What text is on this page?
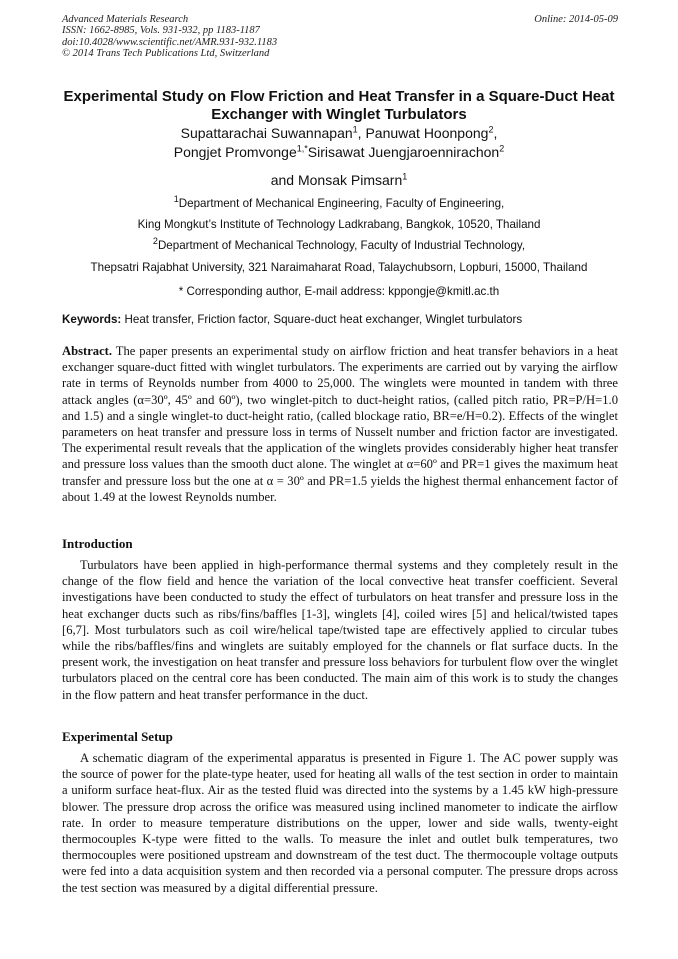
Advanced Materials Research
ISSN: 1662-8985, Vols. 931-932, pp 1183-1187
doi:10.4028/www.scientific.net/AMR.931-932.1183
© 2014 Trans Tech Publications Ltd, Switzerland
Online: 2014-05-09
Experimental Study on Flow Friction and Heat Transfer in a Square-Duct Heat Exchanger with Winglet Turbulators
Supattarachai Suwannapan$^1$, Panuwat Hoonpong$^2$,
Pongjet Promvonge$^{1,*}$Sirisawat Juengjaroennirachon$^2$
and Monsak Pimsarn$^1$
$^1$Department of Mechanical Engineering, Faculty of Engineering,
King Mongkut’s Institute of Technology Ladkrabang, Bangkok, 10520, Thailand
$^2$Department of Mechanical Technology, Faculty of Industrial Technology,
Thepsatri Rajabhat University, 321 Naraimaharat Road, Talaychubsorn, Lopburi, 15000, Thailand
* Corresponding author, E-mail address: kppongje@kmitl.ac.th
Keywords: Heat transfer, Friction factor, Square-duct heat exchanger, Winglet turbulators
Abstract. The paper presents an experimental study on airflow friction and heat transfer behaviors in a heat exchanger square-duct fitted with winglet turbulators. The experiments are carried out by varying the airflow rate in terms of Reynolds number from 4000 to 25,000. The winglets were mounted in tandem with three attack angles (α=30º, 45º and 60º), two winglet-pitch to duct-height ratios, (called pitch ratio, PR=P/H=1.0 and 1.5) and a single winglet-to duct-height ratio, (called blockage ratio, BR=e/H=0.2). Effects of the winglet parameters on heat transfer and pressure loss in terms of Nusselt number and friction factor are investigated. The experimental result reveals that the application of the winglets provides considerably higher heat transfer and pressure loss values than the smooth duct alone. The winglet at α=60º and PR=1 gives the maximum heat transfer and pressure loss but the one at α = 30º and PR=1.5 yields the highest thermal enhancement factor of about 1.49 at the lowest Reynolds number.
Introduction
Turbulators have been applied in high-performance thermal systems and they completely result in the change of the flow field and hence the variation of the local convective heat transfer coefficient. Several investigations have been conducted to study the effect of turbulators on heat transfer and pressure loss in the heat exchanger ducts such as ribs/fins/baffles [1-3], winglets [4], coiled wires [5] and helical/twisted tapes [6,7]. Most turbulators such as coil wire/helical tape/twisted tape are effectively applied to circular tubes while the ribs/baffles/fins and winglets are suitably employed for the channels or flat surface ducts. In the present work, the investigation on heat transfer and pressure loss behaviors for turbulent flow over the winglet turbulators placed on the central core has been conducted. The main aim of this work is to study the changes in the flow pattern and heat transfer performance in the duct.
Experimental Setup
A schematic diagram of the experimental apparatus is presented in Figure 1. The AC power supply was the source of power for the plate-type heater, used for heating all walls of the test section in order to maintain a uniform surface heat-flux. Air as the tested fluid was directed into the systems by a 1.45 kW high-pressure blower. The pressure drop across the orifice was measured using inclined manometer to indicate the airflow rate. In order to measure temperature distributions on the upper, lower and side walls, twenty-eight thermocouples K-type were fitted to the walls. To measure the inlet and outlet bulk temperatures, two thermocouples were positioned upstream and downstream of the test duct. The thermocouple voltage outputs were fed into a data acquisition system and then recorded via a personal computer. The pressure drops across the test section was measured by a digital differential pressure.
